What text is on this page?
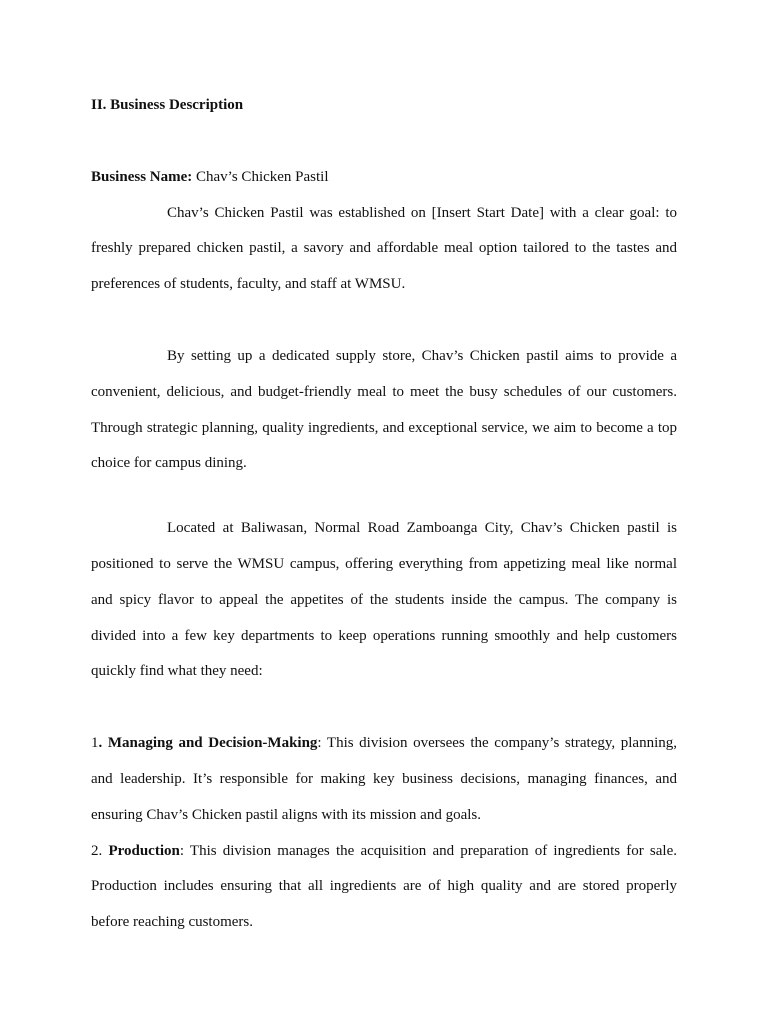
II. Business Description

Business Name: Chav’s Chicken Pastil

Chav’s Chicken Pastil was established on [Insert Start Date] with a clear goal: to freshly prepared chicken pastil, a savory and affordable meal option tailored to the tastes and preferences of students, faculty, and staff at WMSU.

By setting up a dedicated supply store, Chav’s Chicken pastil aims to provide a convenient, delicious, and budget-friendly meal to meet the busy schedules of our customers. Through strategic planning, quality ingredients, and exceptional service, we aim to become a top choice for campus dining.

Located at Baliwasan, Normal Road Zamboanga City, Chav’s Chicken pastil is positioned to serve the WMSU campus, offering everything from appetizing meal like normal and spicy flavor to appeal the appetites of the students inside the campus. The company is divided into a few key departments to keep operations running smoothly and help customers quickly find what they need:

1. Managing and Decision-Making: This division oversees the company’s strategy, planning, and leadership. It’s responsible for making key business decisions, managing finances, and ensuring Chav’s Chicken pastil aligns with its mission and goals.

2. Production: This division manages the acquisition and preparation of ingredients for sale. Production includes ensuring that all ingredients are of high quality and are stored properly before reaching customers.
